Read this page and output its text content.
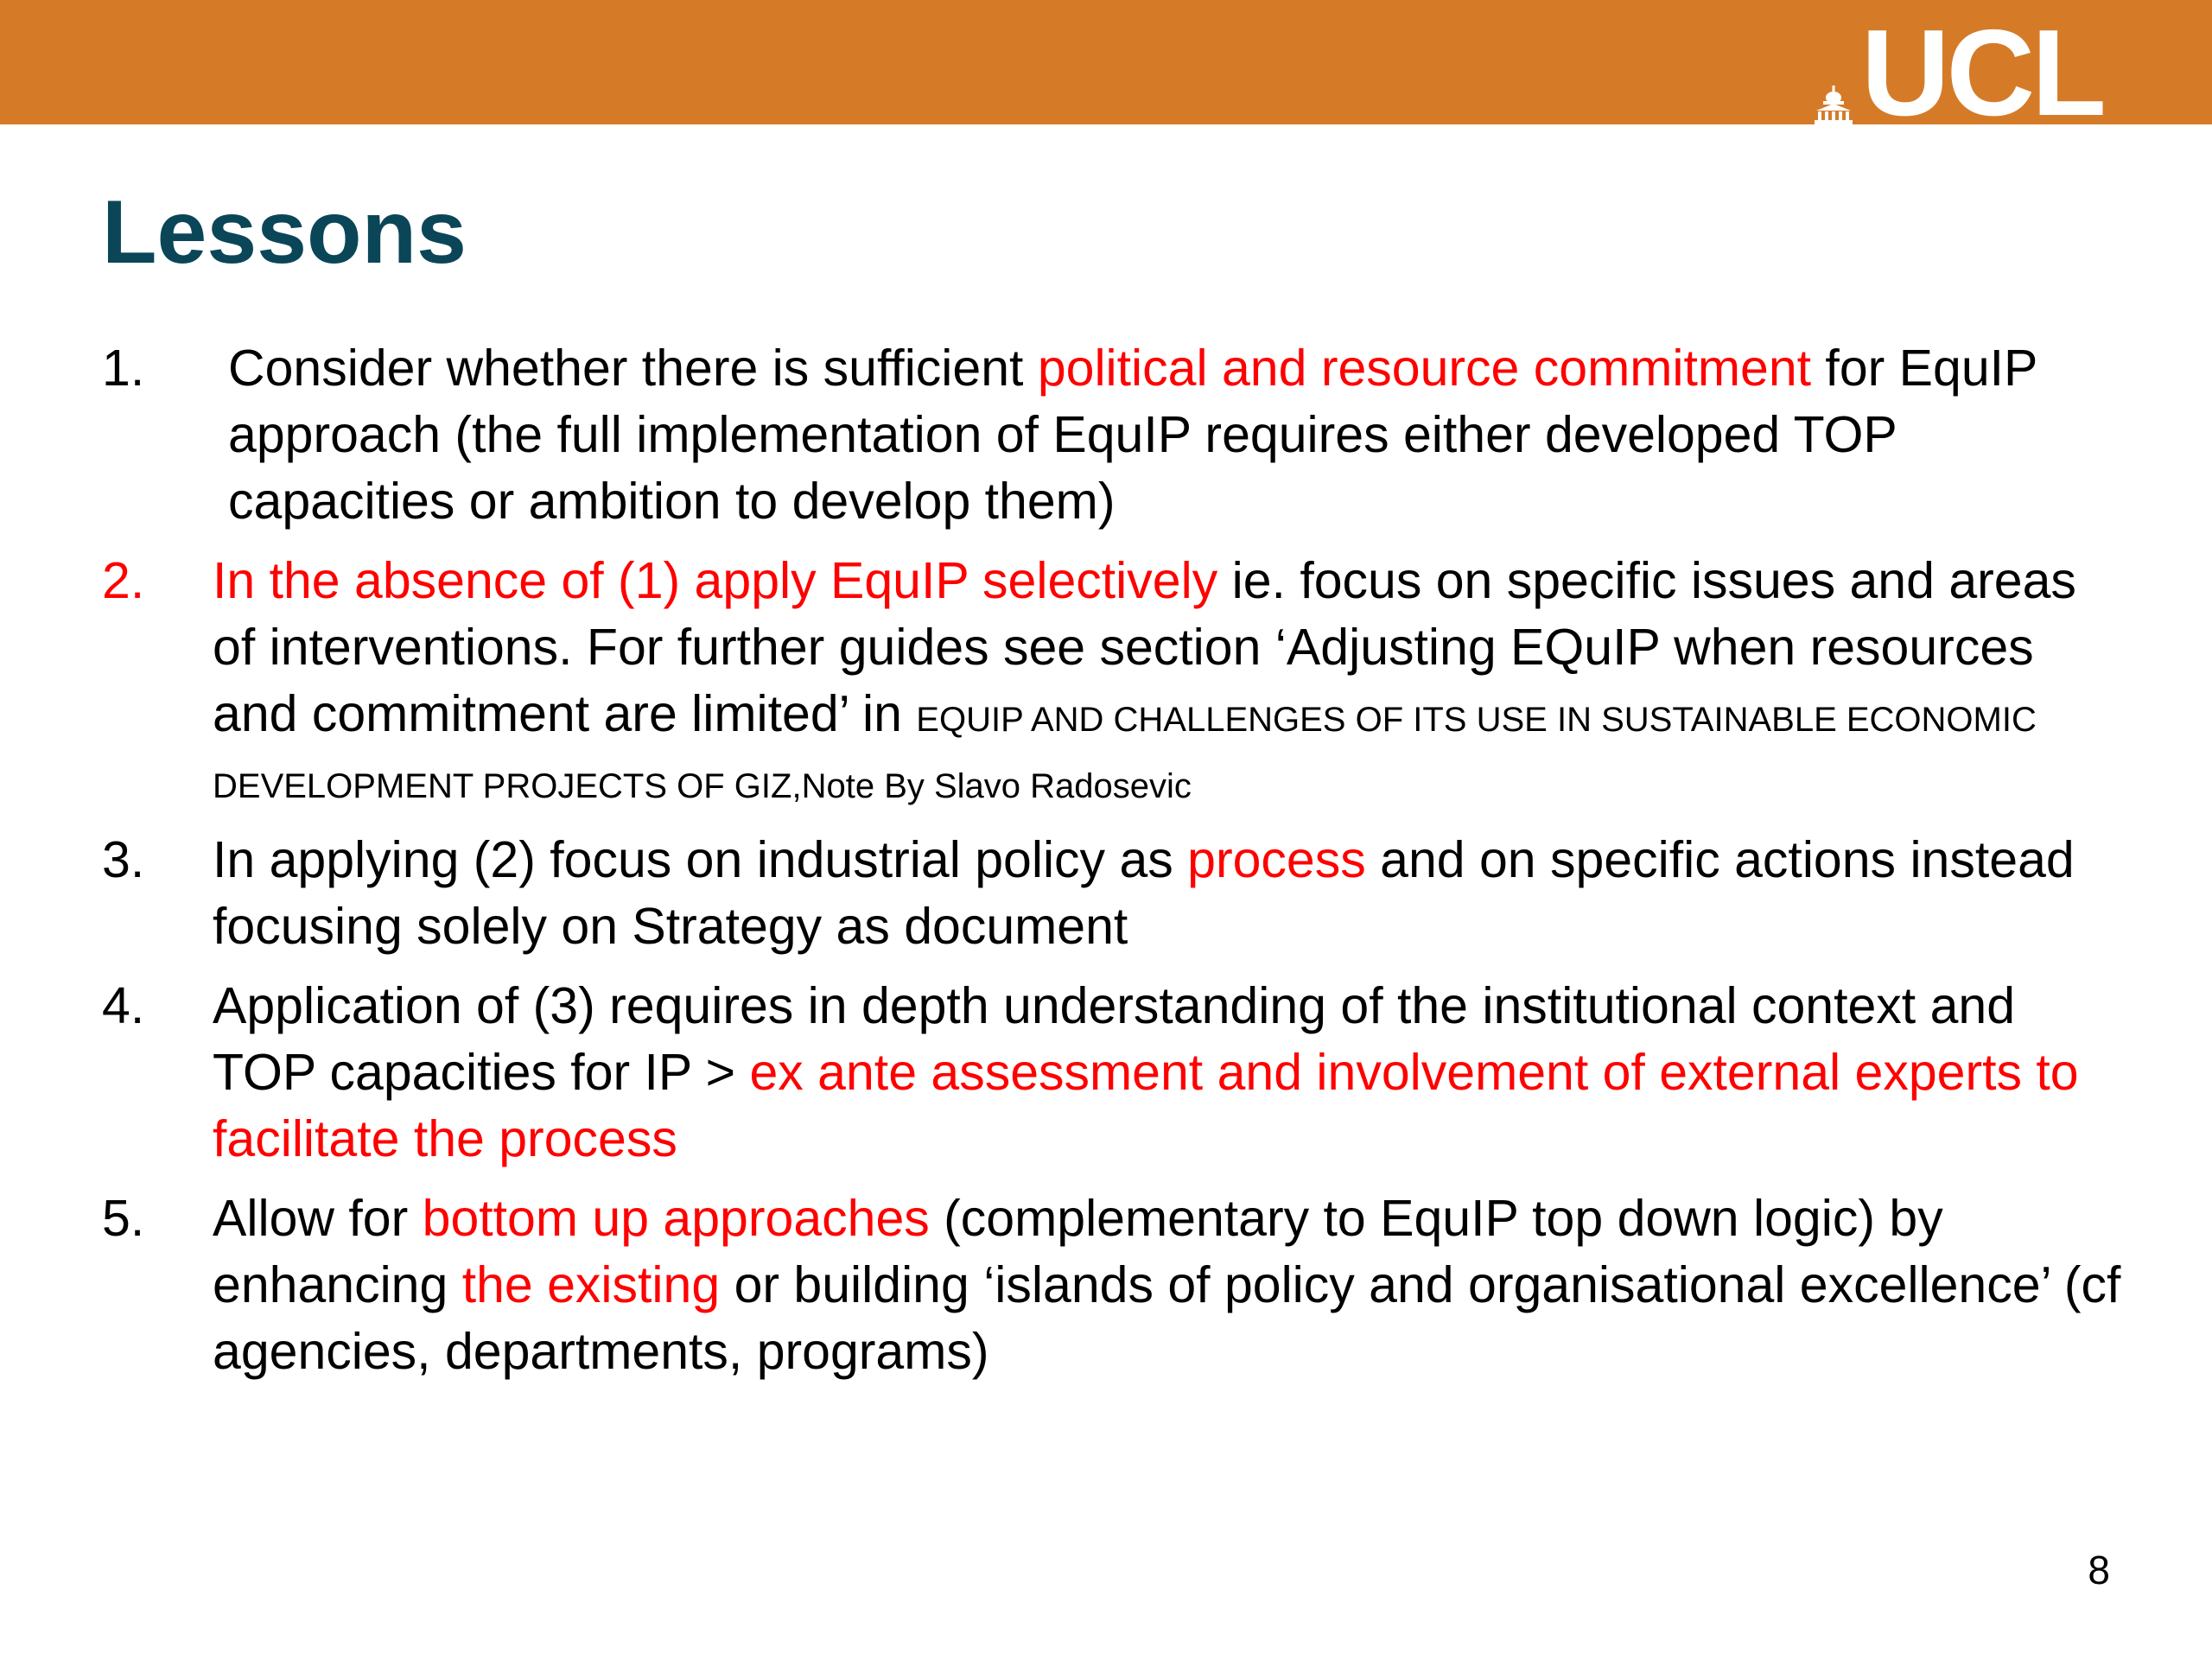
UCL
Lessons
1. Consider whether there is sufficient political and resource commitment for EquIP approach (the full implementation of EquIP requires either developed TOP capacities or ambition to develop them)
2. In the absence of (1) apply EquIP selectively ie. focus on specific issues and areas of interventions. For further guides see section ‘Adjusting EQuIP when resources and commitment are limited’ in EQUIP AND CHALLENGES OF ITS USE IN SUSTAINABLE ECONOMIC DEVELOPMENT PROJECTS OF GIZ,Note By Slavo Radosevic
3. In applying (2) focus on industrial policy as process and on specific actions instead focusing solely on Strategy as document
4. Application of (3) requires in depth understanding of the institutional context and TOP capacities for IP > ex ante assessment and involvement of external experts to facilitate the process
5. Allow for bottom up approaches (complementary to EquIP top down logic) by enhancing the existing or building ‘islands of policy and organisational excellence’ (cf agencies, departments, programs)
8
